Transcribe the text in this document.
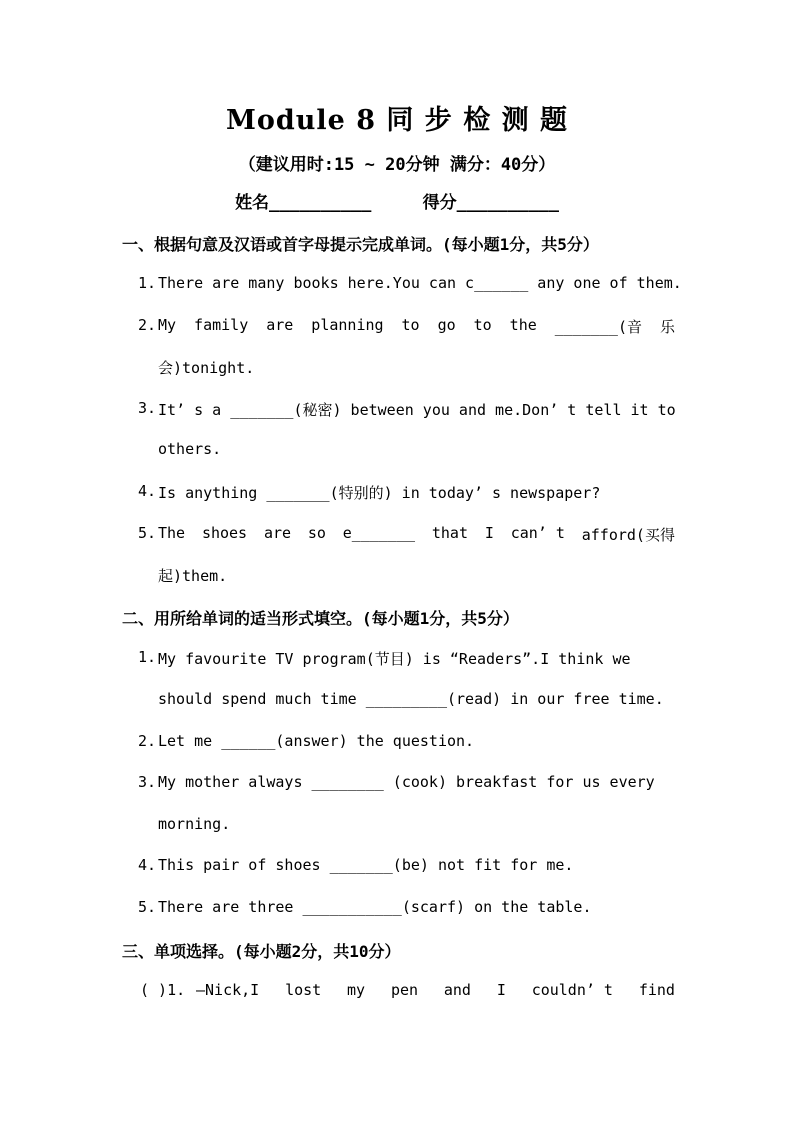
Module 8 同 步 检 测 题
（建议用时:15 ~ 20分钟 满分：40分）
姓名__________     得分__________
一、根据句意及汉语或首字母提示完成单词。(每小题1分，共5分）
1. There are many books here.You can c______ any one of them.
2. My family are planning to go to the _______(音 乐
会)tonight.
3. It’ s a _______(秘密) between you and me.Don’ t tell it to
others.
4. Is anything _______(特别的) in today’ s newspaper?
5. The shoes are so e_______ that I can’ t afford(买得
起)them.
二、用所给单词的适当形式填空。(每小题1分，共5分）
1. My favourite TV program(节目) is “Readers”.I think we
should spend much time _________(read) in our free time.
2. Let me ______(answer) the question.
3. My mother always ________ (cook) breakfast for us every
morning.
4. This pair of shoes _______(be) not fit for me.
5. There are three ___________(scarf) on the table.
三、单项选择。(每小题2分，共10分）
( )1. —Nick,I lost my pen and I couldn’ t find
